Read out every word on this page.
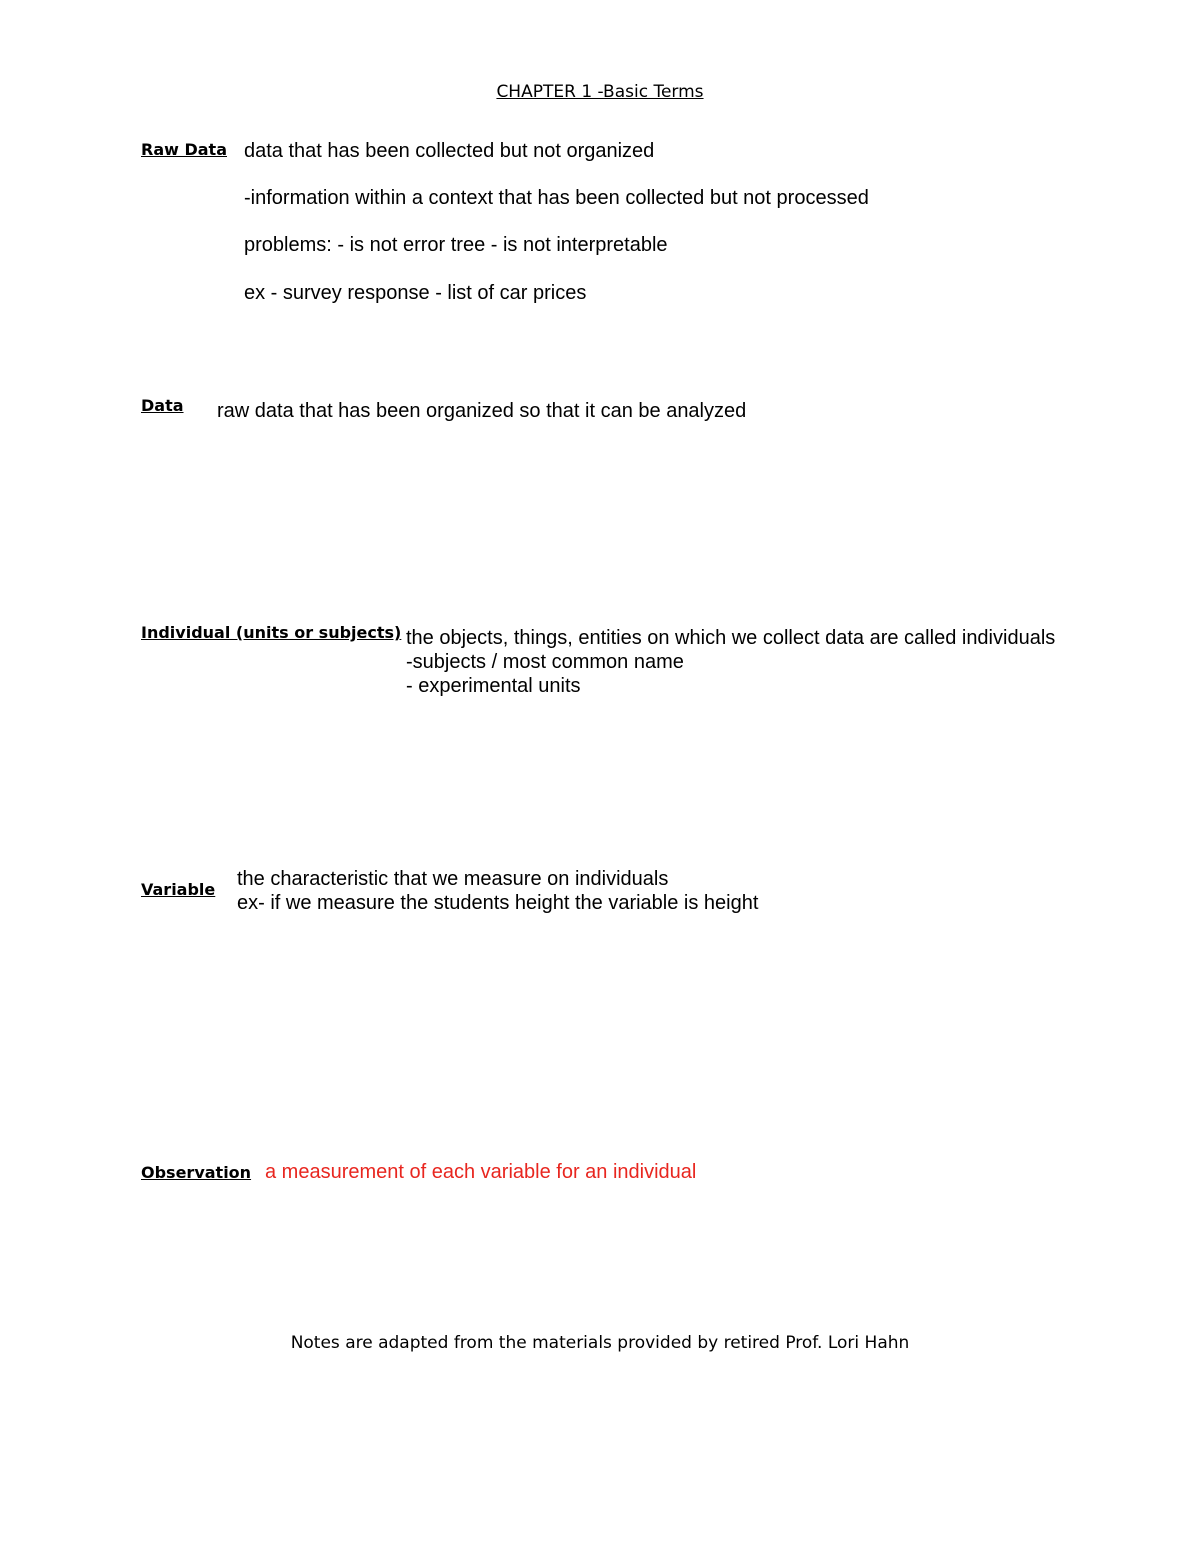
CHAPTER 1 -Basic Terms
Raw Data data that has been collected but not organized
-information within a context that has been collected but not processed
problems: - is not error tree - is not interpretable
ex - survey response - list of car prices
Data raw data that has been organized so that it can be analyzed
Individual (units or subjects) the objects, things, entities on which we collect data are called individuals
-subjects / most common name
- experimental units
Variable the characteristic that we measure on individuals
ex- if we measure the students height the variable is height
Observation a measurement of each variable for an individual
Notes are adapted from the materials provided by retired Prof. Lori Hahn
